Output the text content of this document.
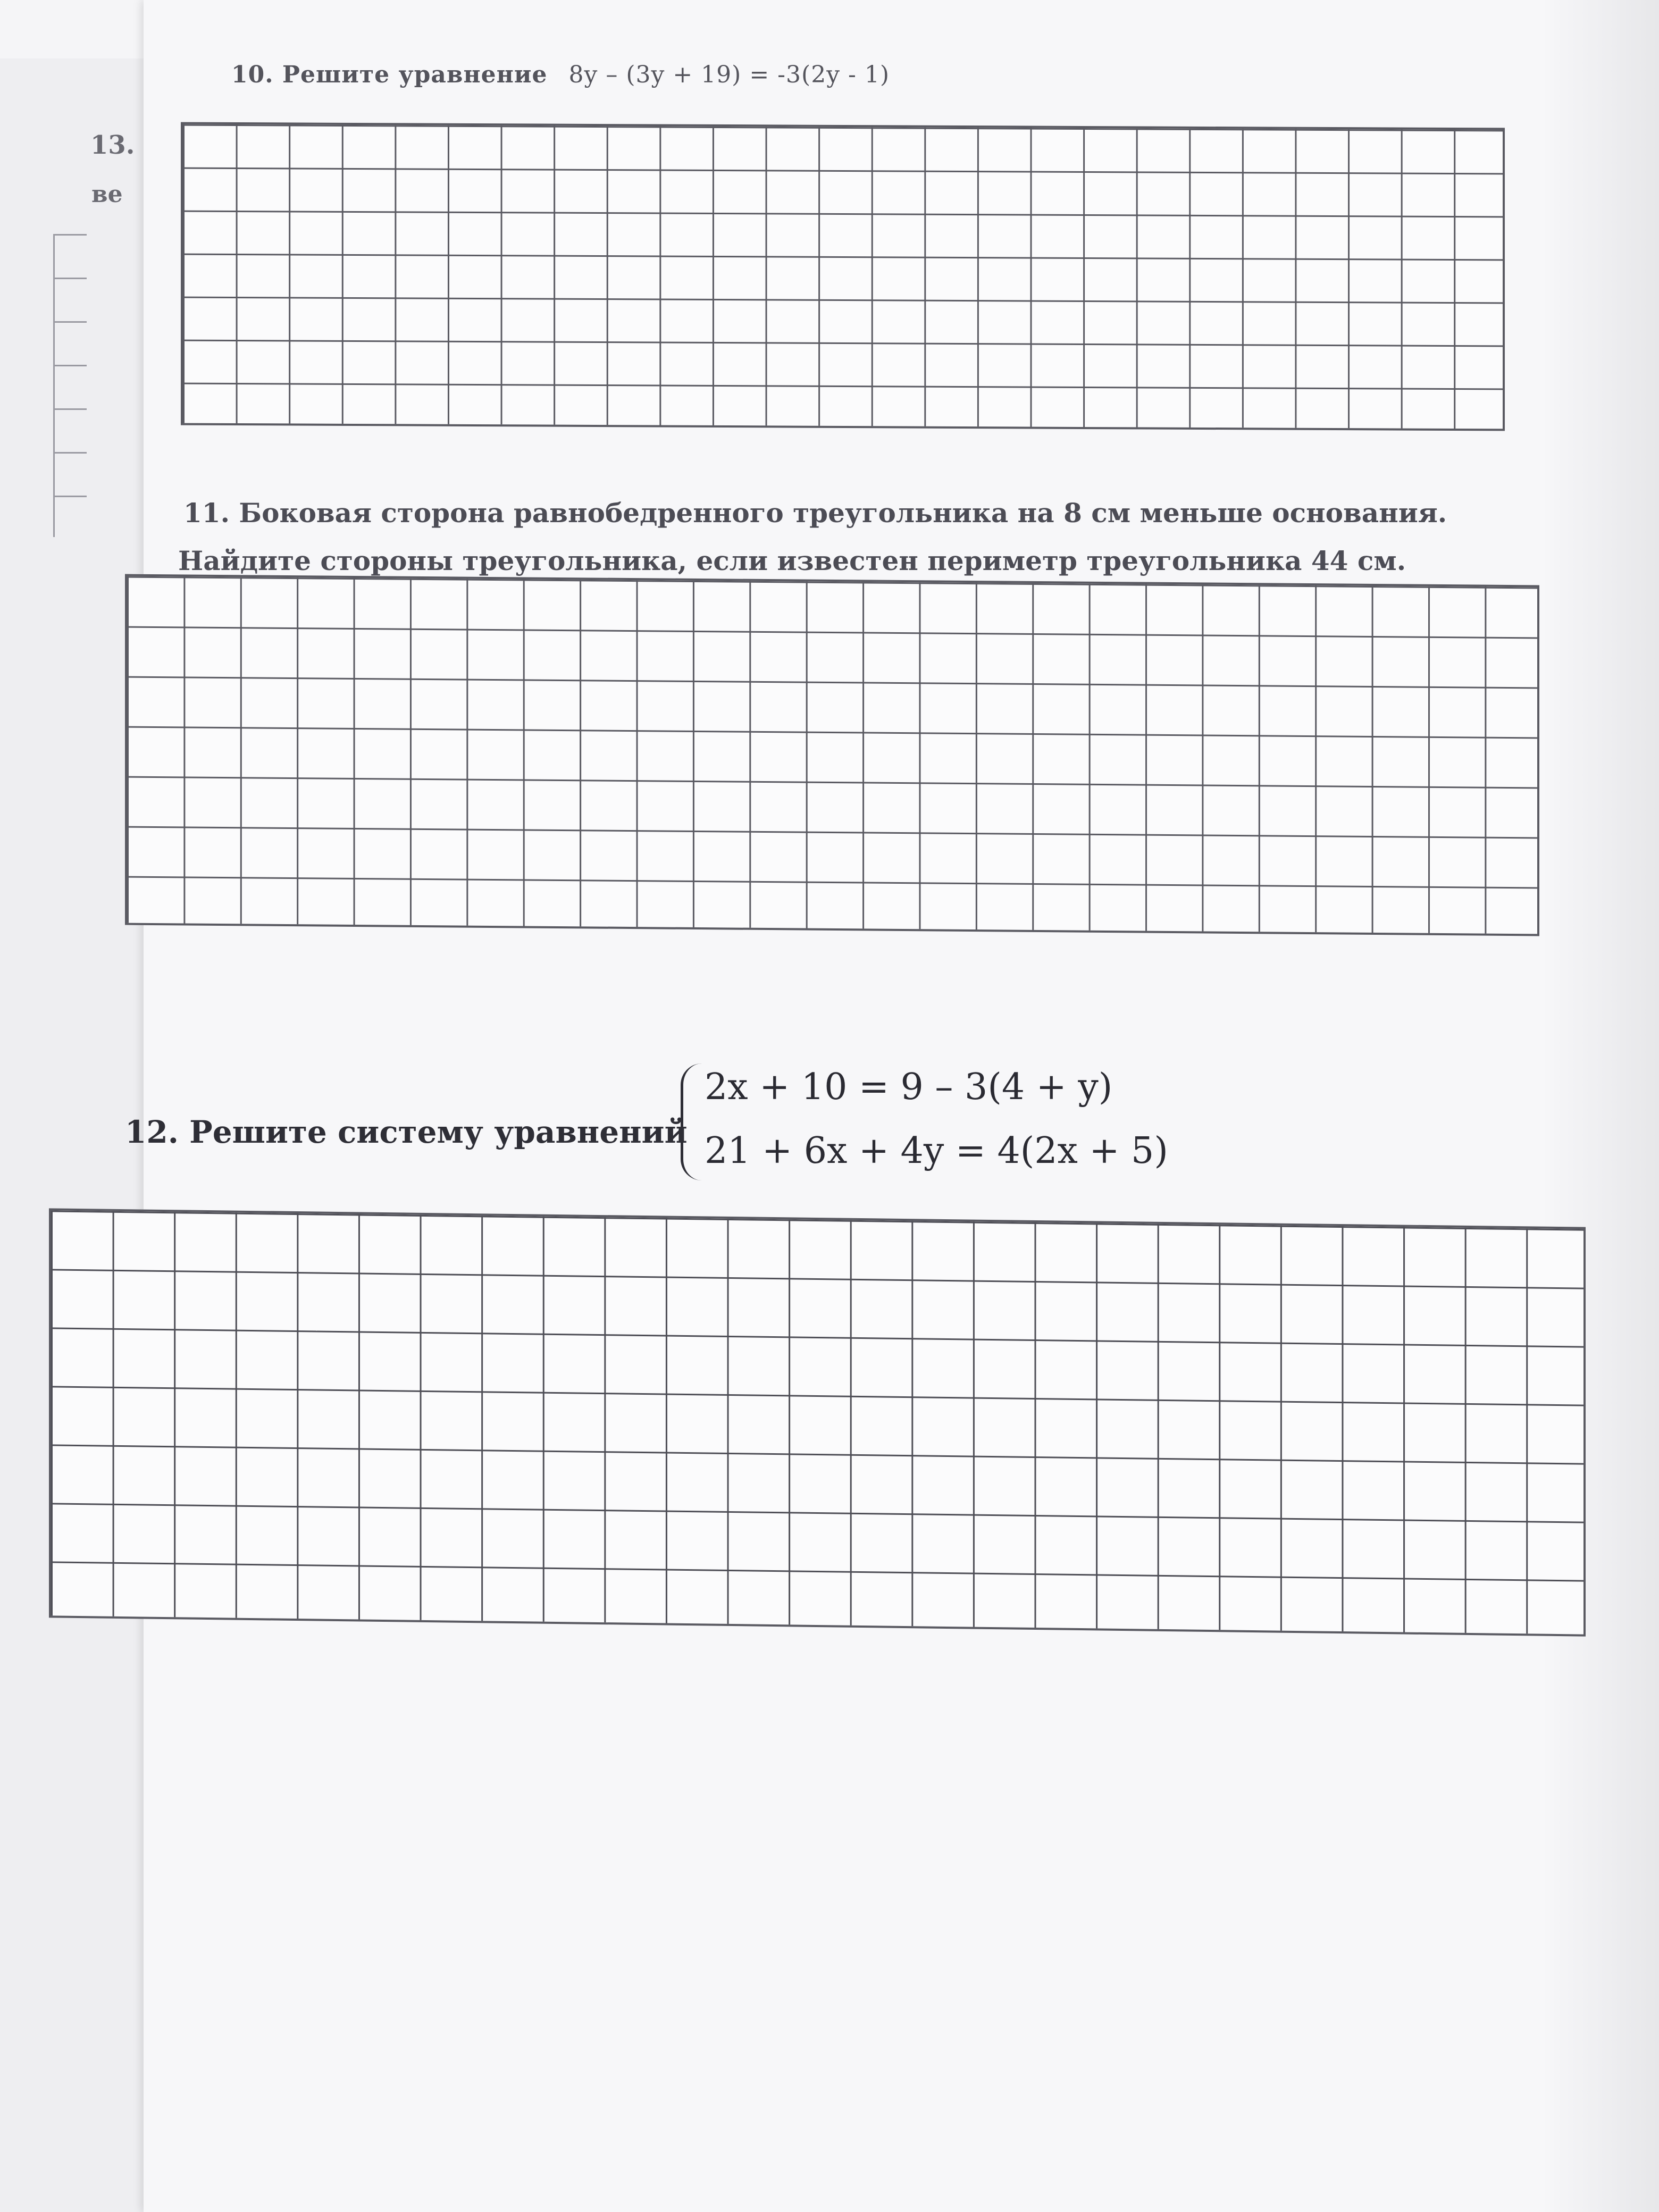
13.
ве
10. Решите уравнение 8y – (3y + 19) = -3(2y - 1)
11. Боковая сторона равнобедренного треугольника на 8 см меньше основания.
Найдите стороны треугольника, если известен периметр треугольника 44 см.
12. Решите систему уравнений
2x + 10 = 9 – 3(4 + y)
21 + 6x + 4y = 4(2x + 5)
